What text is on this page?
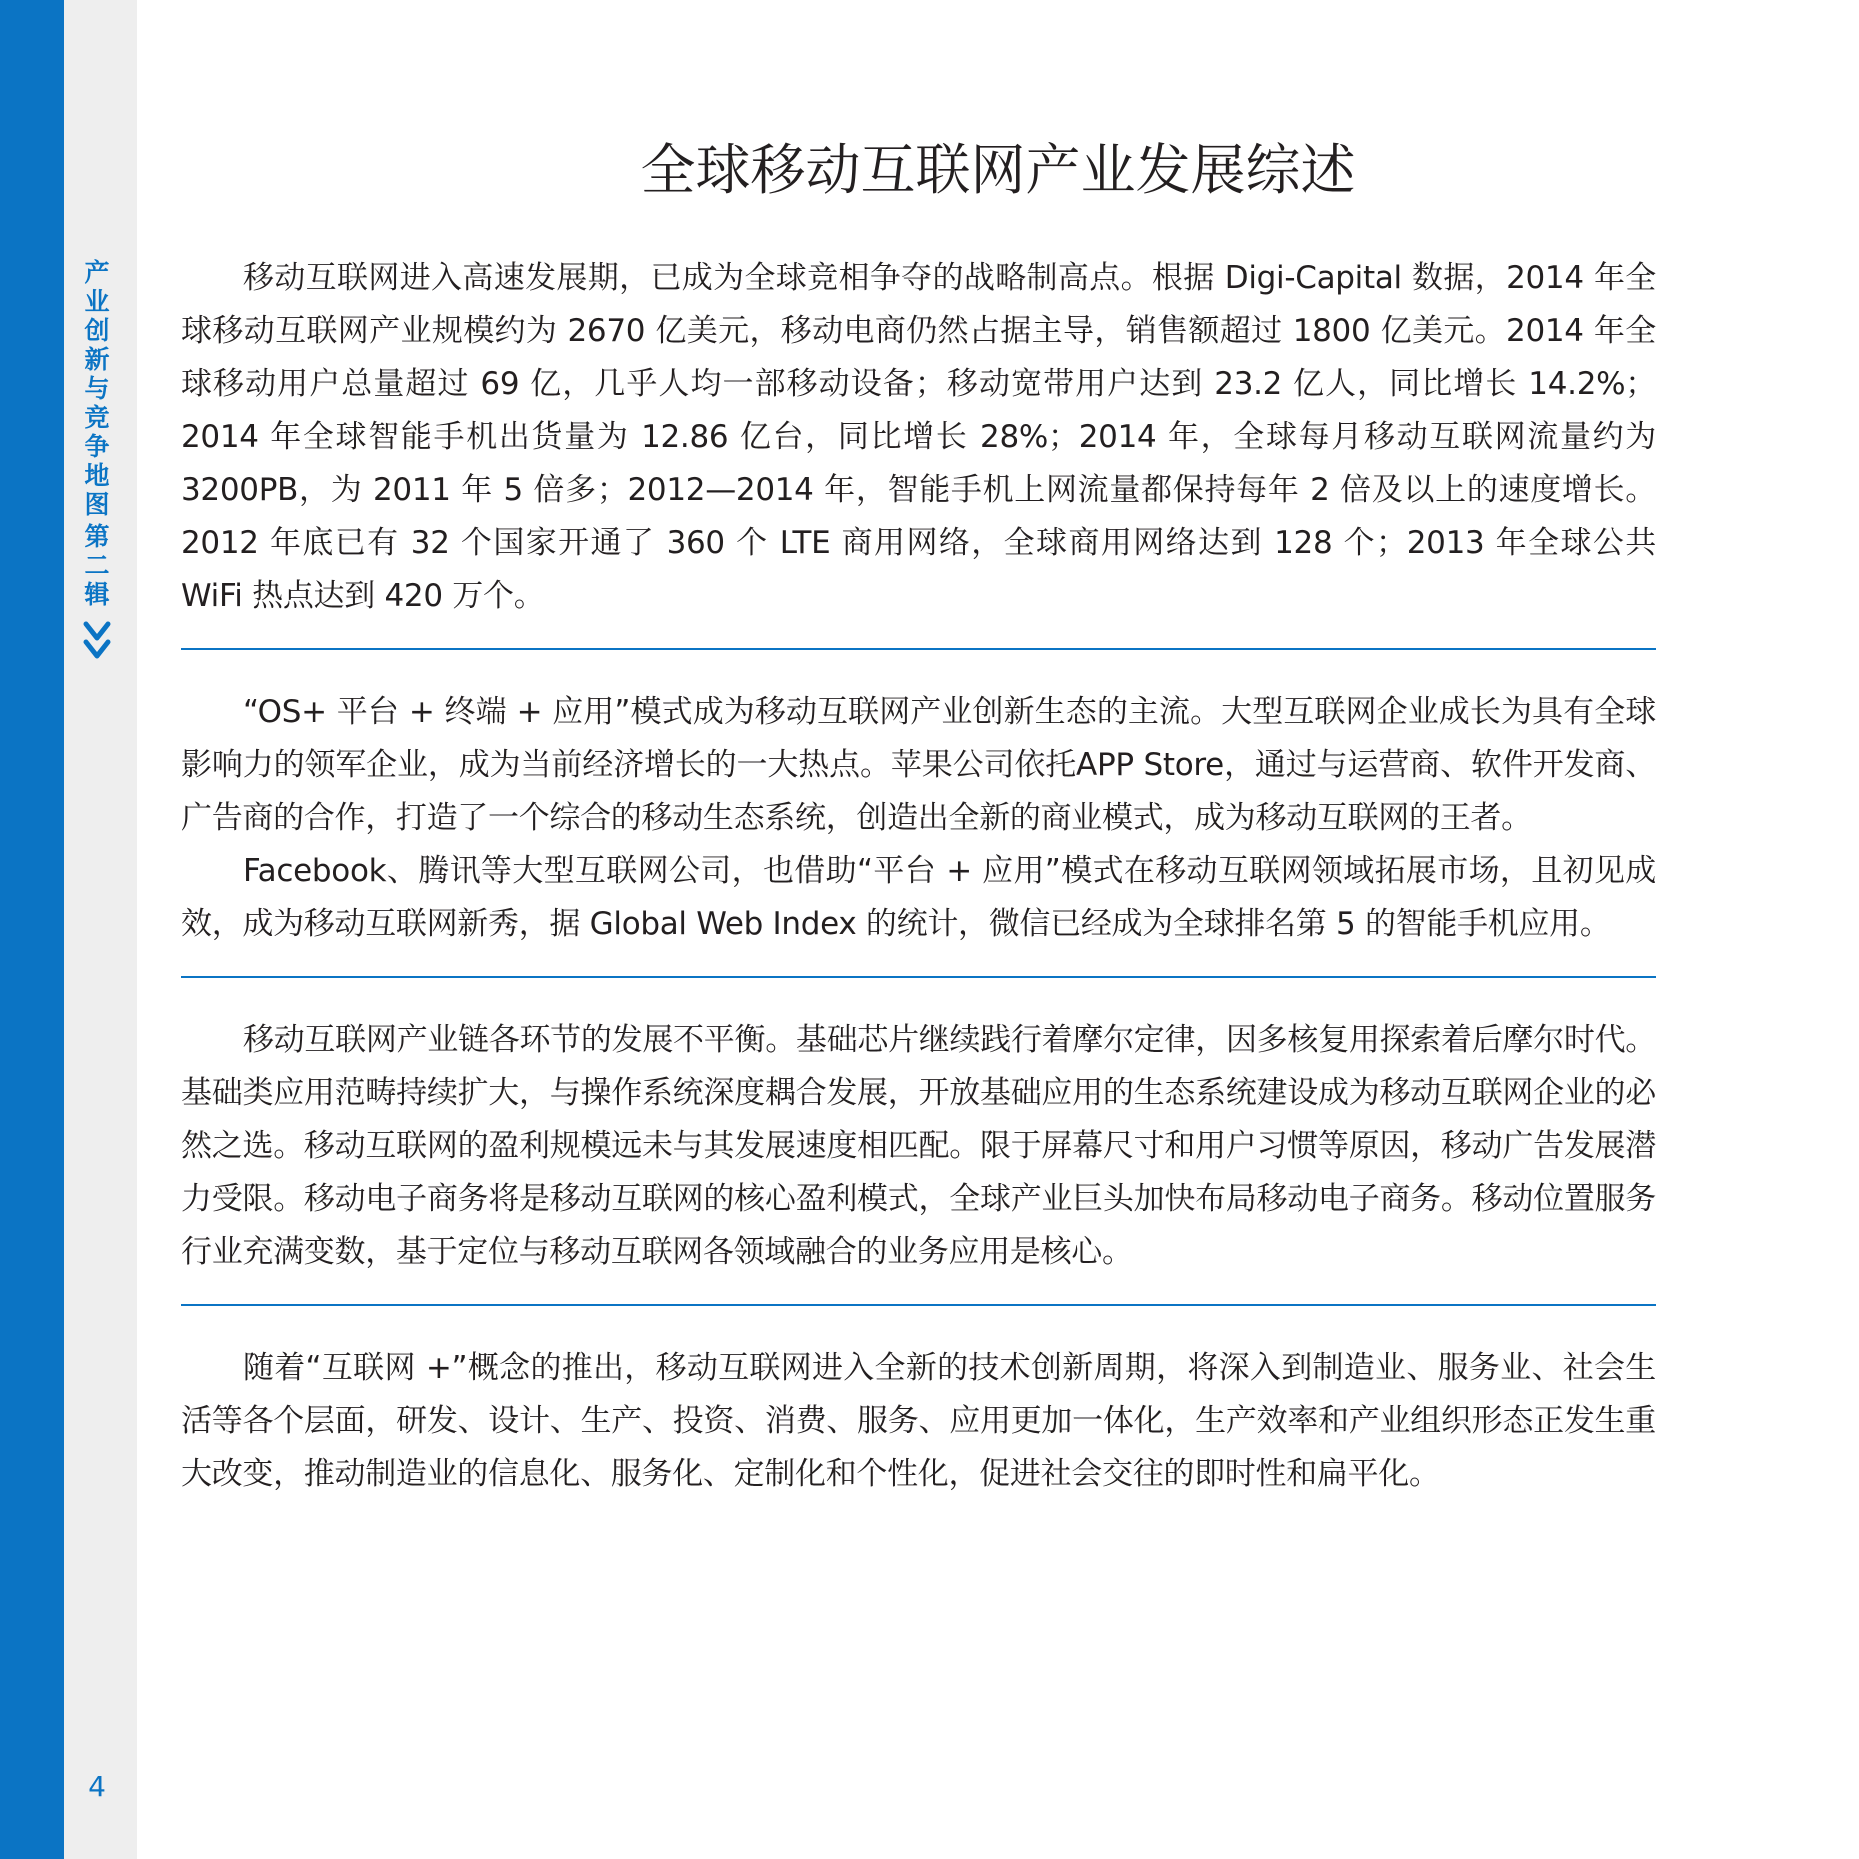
产业创新与竞争地图
第二辑
4
全球移动互联网产业发展综述

移动互联网进入高速发展期，已成为全球竞相争夺的战略制高点。根据 Digi-Capital 数据，2014 年全球移动互联网产业规模约为 2670 亿美元，移动电商仍然占据主导，销售额超过 1800 亿美元。2014 年全球移动用户总量超过 69 亿，几乎人均一部移动设备；移动宽带用户达到 23.2 亿人，同比增长 14.2%；2014 年全球智能手机出货量为 12.86 亿台，同比增长 28%；2014 年，全球每月移动互联网流量约为 3200PB，为 2011 年 5 倍多；2012—2014 年，智能手机上网流量都保持每年 2 倍及以上的速度增长。2012 年底已有 32 个国家开通了 360 个 LTE 商用网络，全球商用网络达到 128 个；2013 年全球公共 WiFi 热点达到 420 万个。

“OS+ 平台 + 终端 + 应用”模式成为移动互联网产业创新生态的主流。大型互联网企业成长为具有全球影响力的领军企业，成为当前经济增长的一大热点。苹果公司依托APP Store，通过与运营商、软件开发商、广告商的合作，打造了一个综合的移动生态系统，创造出全新的商业模式，成为移动互联网的王者。

Facebook、腾讯等大型互联网公司，也借助“平台 + 应用”模式在移动互联网领域拓展市场，且初见成效，成为移动互联网新秀，据 Global Web Index 的统计，微信已经成为全球排名第 5 的智能手机应用。

移动互联网产业链各环节的发展不平衡。基础芯片继续践行着摩尔定律，因多核复用探索着后摩尔时代。基础类应用范畴持续扩大，与操作系统深度耦合发展，开放基础应用的生态系统建设成为移动互联网企业的必然之选。移动互联网的盈利规模远未与其发展速度相匹配。限于屏幕尺寸和用户习惯等原因，移动广告发展潜力受限。移动电子商务将是移动互联网的核心盈利模式，全球产业巨头加快布局移动电子商务。移动位置服务行业充满变数，基于定位与移动互联网各领域融合的业务应用是核心。

随着“互联网 +”概念的推出，移动互联网进入全新的技术创新周期，将深入到制造业、服务业、社会生活等各个层面，研发、设计、生产、投资、消费、服务、应用更加一体化，生产效率和产业组织形态正发生重大改变，推动制造业的信息化、服务化、定制化和个性化，促进社会交往的即时性和扁平化。
